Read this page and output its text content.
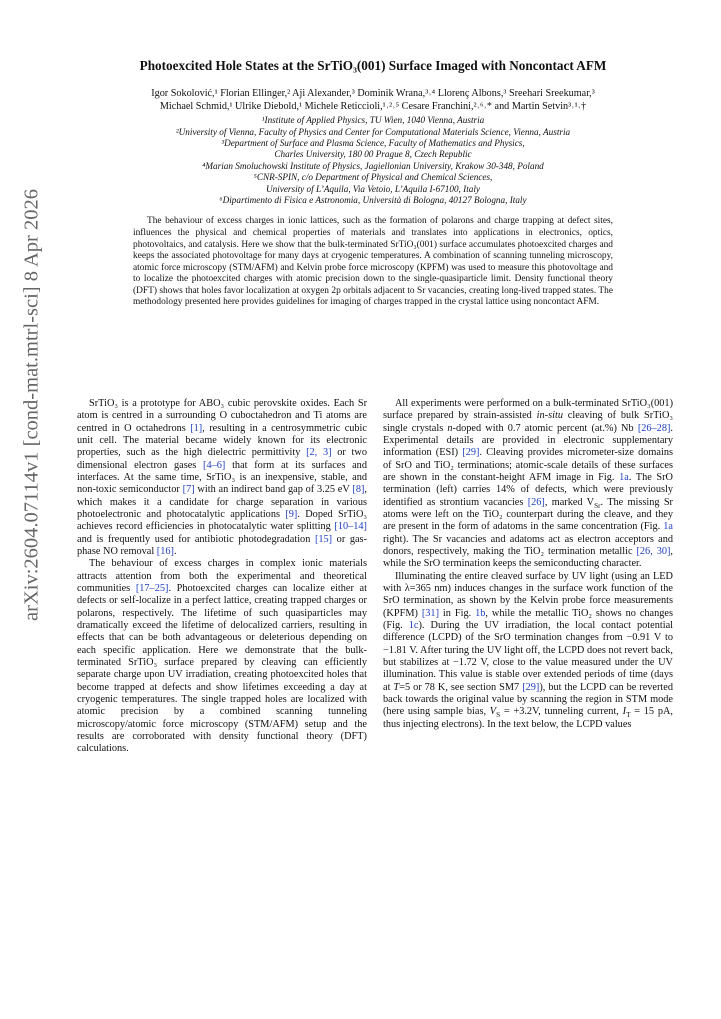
arXiv:2604.07114v1 [cond-mat.mtrl-sci] 8 Apr 2026
Photoexcited Hole States at the SrTiO₃(001) Surface Imaged with Noncontact AFM
Igor Sokolović,¹ Florian Ellinger,² Aji Alexander,³ Dominik Wrana,³˒⁴ Llorenç Albons,³ Sreehari Sreekumar,³
Michael Schmid,¹ Ulrike Diebold,¹ Michele Reticcioli,¹˒²˒⁵ Cesare Franchini,²˒⁶˒* and Martin Setvin³˒¹˒†
¹Institute of Applied Physics, TU Wien, 1040 Vienna, Austria
²University of Vienna, Faculty of Physics and Center for Computational Materials Science, Vienna, Austria
³Department of Surface and Plasma Science, Faculty of Mathematics and Physics,
Charles University, 180 00 Prague 8, Czech Republic
⁴Marian Smoluchowski Institute of Physics, Jagiellonian University, Krakow 30-348, Poland
⁵CNR-SPIN, c/o Department of Physical and Chemical Sciences,
University of L’Aquila, Via Vetoio, L’Aquila I-67100, Italy
⁶Dipartimento di Fisica e Astronomia, Università di Bologna, 40127 Bologna, Italy

The behaviour of excess charges in ionic lattices, such as the formation of polarons and charge trapping at defect sites, influences the physical and chemical properties of materials and translates into applications in electronics, optics, photovoltaics, and catalysis. Here we show that the bulk-terminated SrTiO₃(001) surface accumulates photoexcited charges and keeps the associated photovoltage for many days at cryogenic temperatures. A combination of scanning tunneling microscopy, atomic force microscopy (STM/AFM) and Kelvin probe force microscopy (KPFM) was used to measure this photovoltage and to localize the photoexcited charges with atomic precision down to the single-quasiparticle limit. Density functional theory (DFT) shows that holes favor localization at oxygen 2p orbitals adjacent to Sr vacancies, creating long-lived trapped states. The methodology presented here provides guidelines for imaging of charges trapped in the crystal lattice using noncontact AFM.

SrTiO₃ is a prototype for ABO₃ cubic perovskite oxides. Each Sr atom is centred in a surrounding O cuboctahedron and Ti atoms are centred in O octahedrons [1], resulting in a centrosymmetric cubic unit cell. The material became widely known for its electronic properties, such as the high dielectric permittivity [2, 3] or two dimensional electron gases [4–6] that form at its surfaces and interfaces. At the same time, SrTiO₃ is an inexpensive, stable, and non-toxic semiconductor [7] with an indirect band gap of 3.25 eV [8], which makes it a candidate for charge separation in various photoelectronic and photocatalytic applications [9]. Doped SrTiO₃ achieves record efficiencies in photocatalytic water splitting [10–14] and is frequently used for antibiotic photodegradation [15] or gas-phase NO removal [16].

The behaviour of excess charges in complex ionic materials attracts attention from both the experimental and theoretical communities [17–25]. Photoexcited charges can localize either at defects or self-localize in a perfect lattice, creating trapped charges or polarons, respectively. The lifetime of such quasiparticles may dramatically exceed the lifetime of delocalized carriers, resulting in effects that can be both advantageous or deleterious depending on each specific application. Here we demonstrate that the bulk-terminated SrTiO₃ surface prepared by cleaving can efficiently separate charge upon UV irradiation, creating photoexcited holes that become trapped at defects and show lifetimes exceeding a day at cryogenic temperatures. The single trapped holes are localized with atomic precision by a combined scanning tunneling microscopy/atomic force microscopy (STM/AFM) setup and the results are corroborated with density functional theory (DFT) calculations.

All experiments were performed on a bulk-terminated SrTiO₃(001) surface prepared by strain-assisted in-situ cleaving of bulk SrTiO₃ single crystals n-doped with 0.7 atomic percent (at.%) Nb [26–28]. Experimental details are provided in electronic supplementary information (ESI) [29]. Cleaving provides micrometer-size domains of SrO and TiO₂ terminations; atomic-scale details of these surfaces are shown in the constant-height AFM image in Fig. 1a. The SrO termination (left) carries 14% of defects, which were previously identified as strontium vacancies [26], marked $V_{Sr}$. The missing Sr atoms were left on the TiO₂ counterpart during the cleave, and they are present in the form of adatoms in the same concentration (Fig. 1a right). The Sr vacancies and adatoms act as electron acceptors and donors, respectively, making the TiO₂ termination metallic [26, 30], while the SrO termination keeps the semiconducting character.

Illuminating the entire cleaved surface by UV light (using an LED with λ=365 nm) induces changes in the surface work function of the SrO termination, as shown by the Kelvin probe force measurements (KPFM) [31] in Fig. 1b, while the metallic TiO₂ shows no changes (Fig. 1c). During the UV irradiation, the local contact potential difference (LCPD) of the SrO termination changes from −0.91 V to −1.81 V. After turing the UV light off, the LCPD does not revert back, but stabilizes at −1.72 V, close to the value measured under the UV illumination. This value is stable over extended periods of time (days at T=5 or 78 K, see section SM7 [29]), but the LCPD can be reverted back towards the original value by scanning the region in STM mode (here using sample bias, $V_S = +3.2V$, tunneling current, $I_T = 15$ pA, thus injecting electrons). In the text below, the LCPD values
